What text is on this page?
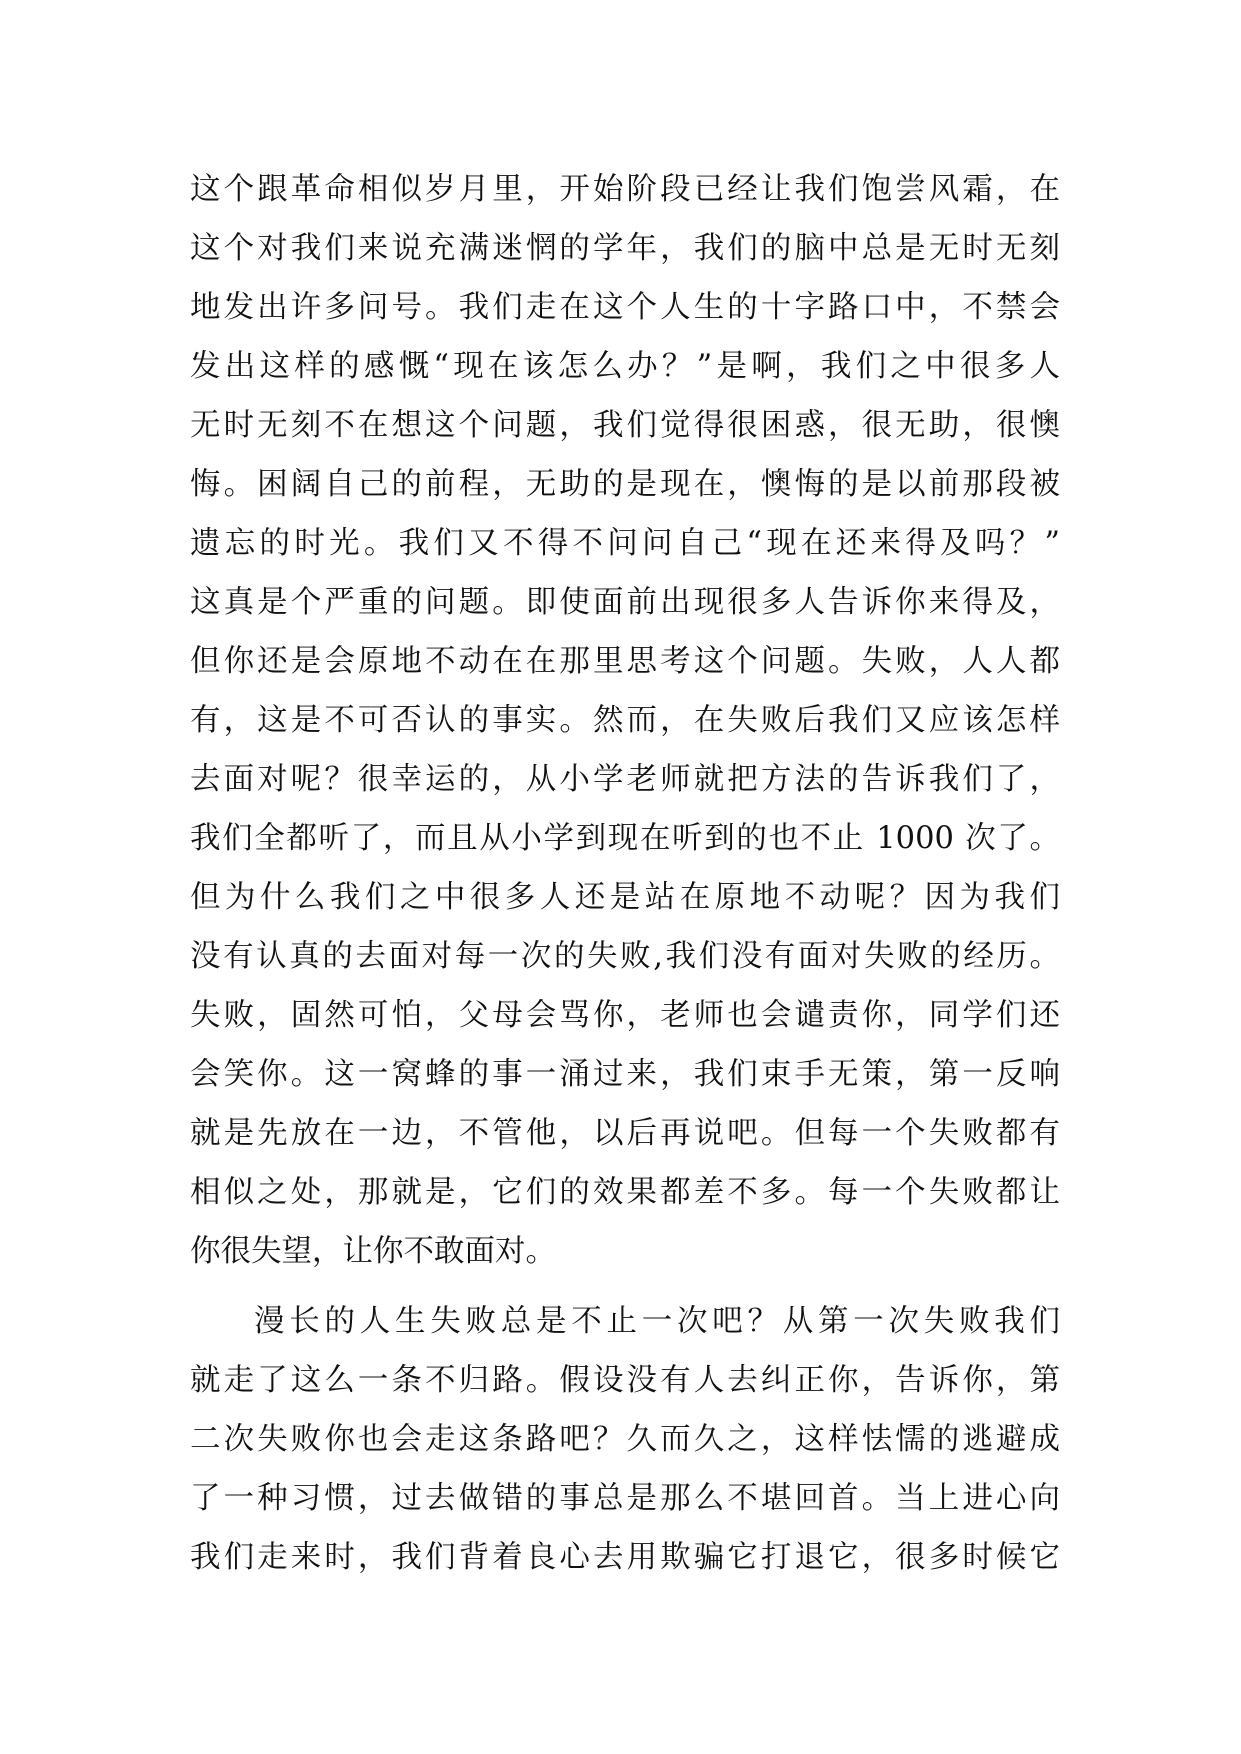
这个跟革命相似岁月里，开始阶段已经让我们饱尝风霜，在
这个对我们来说充满迷惘的学年，我们的脑中总是无时无刻
地发出许多问号。我们走在这个人生的十字路口中，不禁会
发出这样的感慨“现在该怎么办？”是啊，我们之中很多人
无时无刻不在想这个问题，我们觉得很困惑，很无助，很懊
悔。困阔自己的前程，无助的是现在，懊悔的是以前那段被
遗忘的时光。我们又不得不问问自己“现在还来得及吗？”
这真是个严重的问题。即使面前出现很多人告诉你来得及，
但你还是会原地不动在在那里思考这个问题。失败，人人都
有，这是不可否认的事实。然而，在失败后我们又应该怎样
去面对呢？很幸运的，从小学老师就把方法的告诉我们了，
我们全都听了，而且从小学到现在听到的也不止 1000 次了。
但为什么我们之中很多人还是站在原地不动呢？因为我们
没有认真的去面对每一次的失败,我们没有面对失败的经历。
失败，固然可怕，父母会骂你，老师也会谴责你，同学们还
会笑你。这一窝蜂的事一涌过来，我们束手无策，第一反响
就是先放在一边，不管他，以后再说吧。但每一个失败都有
相似之处，那就是，它们的效果都差不多。每一个失败都让
你很失望，让你不敢面对。
漫长的人生失败总是不止一次吧？从第一次失败我们
就走了这么一条不归路。假设没有人去纠正你，告诉你，第
二次失败你也会走这条路吧？久而久之，这样怯懦的逃避成
了一种习惯，过去做错的事总是那么不堪回首。当上进心向
我们走来时，我们背着良心去用欺骗它打退它，很多时候它
